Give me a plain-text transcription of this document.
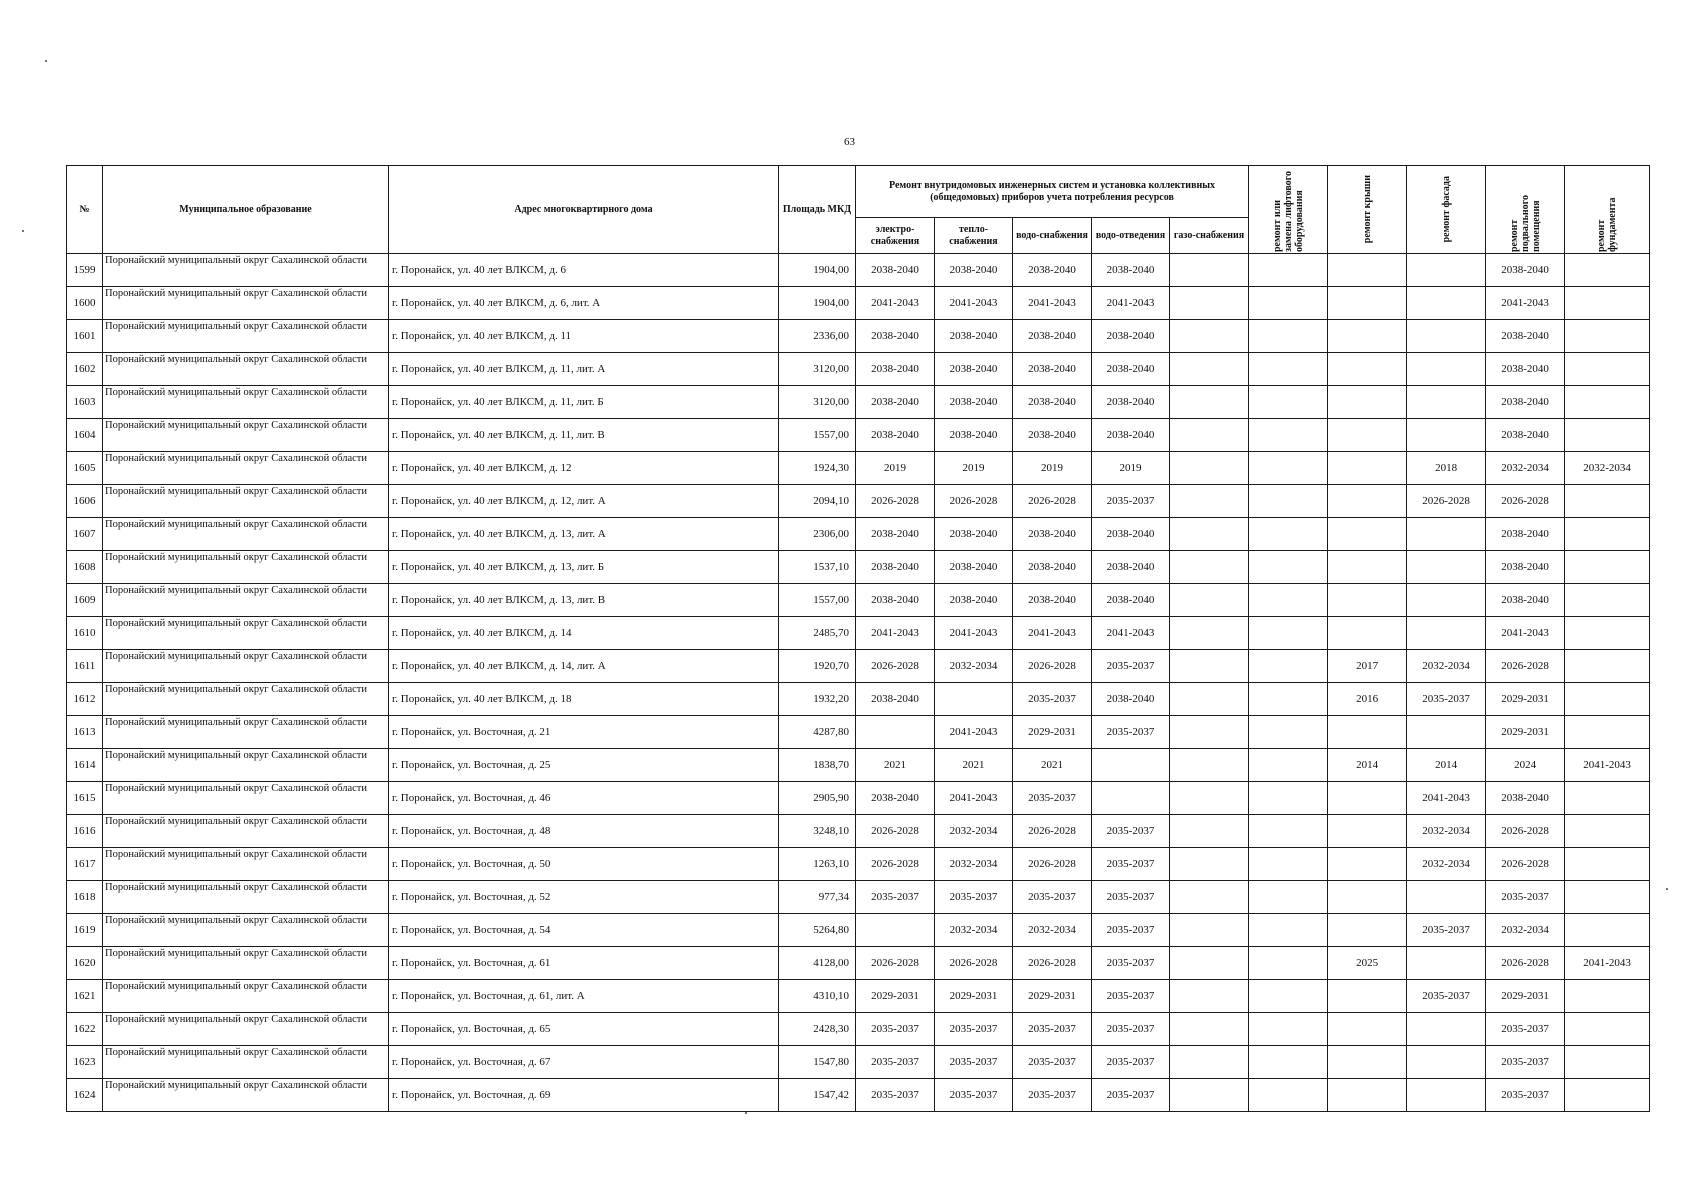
63
№	Муниципальное образование	Адрес многоквартирного дома	Площадь МКД	Ремонт внутридомовых инженерных систем и установка коллективных (общедомовых) приборов учета потребления ресурсов					ремонт или замена лифтового оборудования	ремонт крыши	ремонт фасада	ремонт подвального помещения	ремонт фундамента

				электро-снабжения	тепло-снабжения	водо-снабжения	водо-отведения	газо-снабжения					
1599	Поронайский муниципальный округ Сахалинской области	г. Поронайск, ул. 40 лет ВЛКСМ, д. 6	1904,00	2038-2040	2038-2040	2038-2040	2038-2040					2038-2040	
1600	Поронайский муниципальный округ Сахалинской области	г. Поронайск, ул. 40 лет ВЛКСМ, д. 6, лит. А	1904,00	2041-2043	2041-2043	2041-2043	2041-2043					2041-2043	
1601	Поронайский муниципальный округ Сахалинской области	г. Поронайск, ул. 40 лет ВЛКСМ, д. 11	2336,00	2038-2040	2038-2040	2038-2040	2038-2040					2038-2040	
1602	Поронайский муниципальный округ Сахалинской области	г. Поронайск, ул. 40 лет ВЛКСМ, д. 11, лит. А	3120,00	2038-2040	2038-2040	2038-2040	2038-2040					2038-2040	
1603	Поронайский муниципальный округ Сахалинской области	г. Поронайск, ул. 40 лет ВЛКСМ, д. 11, лит. Б	3120,00	2038-2040	2038-2040	2038-2040	2038-2040					2038-2040	
1604	Поронайский муниципальный округ Сахалинской области	г. Поронайск, ул. 40 лет ВЛКСМ, д. 11, лит. В	1557,00	2038-2040	2038-2040	2038-2040	2038-2040					2038-2040	
1605	Поронайский муниципальный округ Сахалинской области	г. Поронайск, ул. 40 лет ВЛКСМ, д. 12	1924,30	2019	2019	2019	2019				2018	2032-2034	2032-2034
1606	Поронайский муниципальный округ Сахалинской области	г. Поронайск, ул. 40 лет ВЛКСМ, д. 12, лит. А	2094,10	2026-2028	2026-2028	2026-2028	2035-2037				2026-2028	2026-2028	
1607	Поронайский муниципальный округ Сахалинской области	г. Поронайск, ул. 40 лет ВЛКСМ, д. 13, лит. А	2306,00	2038-2040	2038-2040	2038-2040	2038-2040					2038-2040	
1608	Поронайский муниципальный округ Сахалинской области	г. Поронайск, ул. 40 лет ВЛКСМ, д. 13, лит. Б	1537,10	2038-2040	2038-2040	2038-2040	2038-2040					2038-2040	
1609	Поронайский муниципальный округ Сахалинской области	г. Поронайск, ул. 40 лет ВЛКСМ, д. 13, лит. В	1557,00	2038-2040	2038-2040	2038-2040	2038-2040					2038-2040	
1610	Поронайский муниципальный округ Сахалинской области	г. Поронайск, ул. 40 лет ВЛКСМ, д. 14	2485,70	2041-2043	2041-2043	2041-2043	2041-2043					2041-2043	
1611	Поронайский муниципальный округ Сахалинской области	г. Поронайск, ул. 40 лет ВЛКСМ, д. 14, лит. А	1920,70	2026-2028	2032-2034	2026-2028	2035-2037			2017	2032-2034	2026-2028	
1612	Поронайский муниципальный округ Сахалинской области	г. Поронайск, ул. 40 лет ВЛКСМ, д. 18	1932,20	2038-2040		2035-2037	2038-2040			2016	2035-2037	2029-2031	
1613	Поронайский муниципальный округ Сахалинской области	г. Поронайск, ул. Восточная, д. 21	4287,80		2041-2043	2029-2031	2035-2037					2029-2031	
1614	Поронайский муниципальный округ Сахалинской области	г. Поронайск, ул. Восточная, д. 25	1838,70	2021	2021	2021				2014	2014	2024	2041-2043
1615	Поронайский муниципальный округ Сахалинской области	г. Поронайск, ул. Восточная, д. 46	2905,90	2038-2040	2041-2043	2035-2037					2041-2043	2038-2040	
1616	Поронайский муниципальный округ Сахалинской области	г. Поронайск, ул. Восточная, д. 48	3248,10	2026-2028	2032-2034	2026-2028	2035-2037				2032-2034	2026-2028	
1617	Поронайский муниципальный округ Сахалинской области	г. Поронайск, ул. Восточная, д. 50	1263,10	2026-2028	2032-2034	2026-2028	2035-2037				2032-2034	2026-2028	
1618	Поронайский муниципальный округ Сахалинской области	г. Поронайск, ул. Восточная, д. 52	977,34	2035-2037	2035-2037	2035-2037	2035-2037					2035-2037	
1619	Поронайский муниципальный округ Сахалинской области	г. Поронайск, ул. Восточная, д. 54	5264,80		2032-2034	2032-2034	2035-2037				2035-2037	2032-2034	
1620	Поронайский муниципальный округ Сахалинской области	г. Поронайск, ул. Восточная, д. 61	4128,00	2026-2028	2026-2028	2026-2028	2035-2037			2025		2026-2028	2041-2043
1621	Поронайский муниципальный округ Сахалинской области	г. Поронайск, ул. Восточная, д. 61, лит. А	4310,10	2029-2031	2029-2031	2029-2031	2035-2037				2035-2037	2029-2031	
1622	Поронайский муниципальный округ Сахалинской области	г. Поронайск, ул. Восточная, д. 65	2428,30	2035-2037	2035-2037	2035-2037	2035-2037					2035-2037	
1623	Поронайский муниципальный округ Сахалинской области	г. Поронайск, ул. Восточная, д. 67	1547,80	2035-2037	2035-2037	2035-2037	2035-2037					2035-2037	
1624	Поронайский муниципальный округ Сахалинской области	г. Поронайск, ул. Восточная, д. 69	1547,42	2035-2037	2035-2037	2035-2037	2035-2037					2035-2037	
